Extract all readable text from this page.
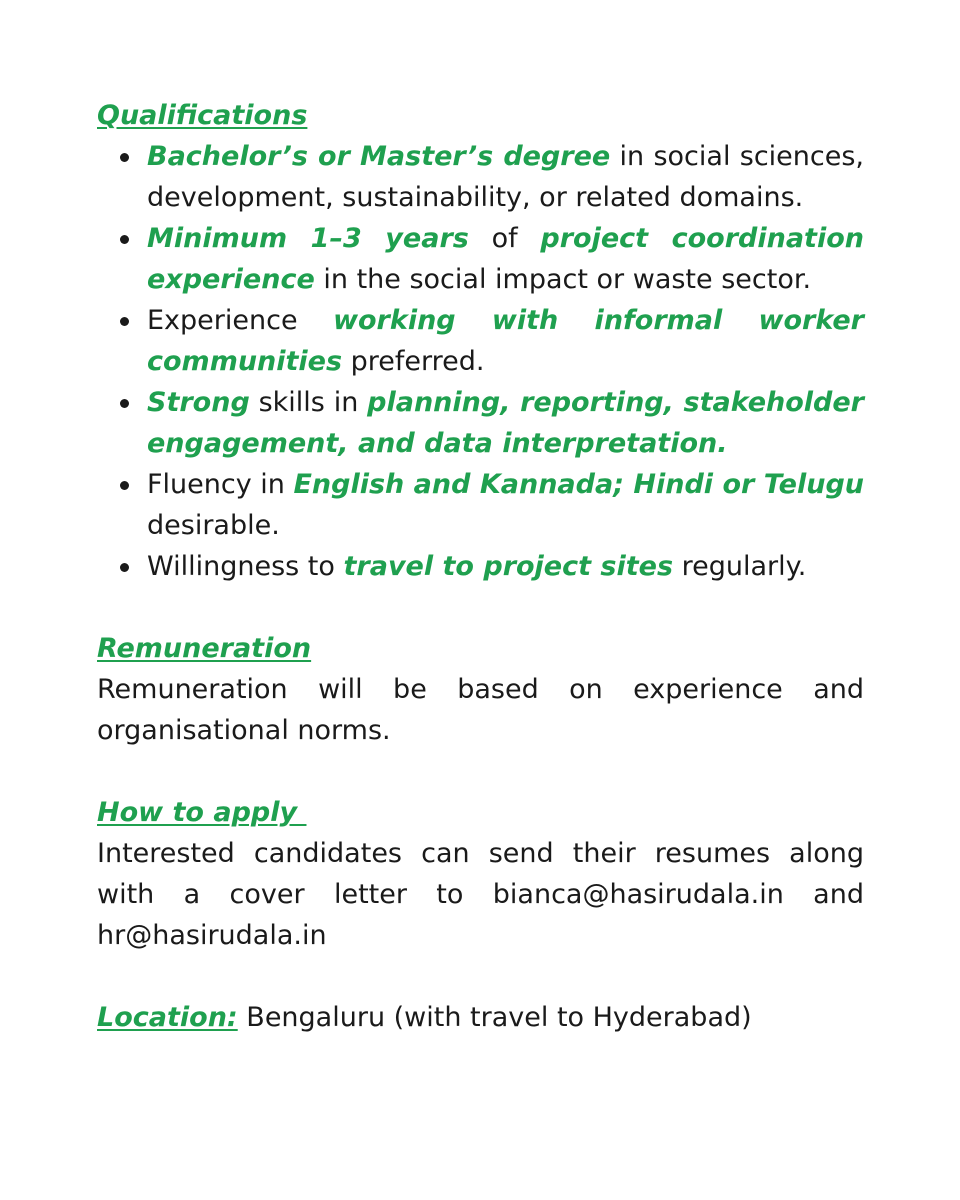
Qualifications
Bachelor’s or Master’s degree in social sciences, development, sustainability, or related domains.
Minimum 1–3 years of project coordination experience in the social impact or waste sector.
Experience working with informal worker communities preferred.
Strong skills in planning, reporting, stakeholder engagement, and data interpretation.
Fluency in English and Kannada; Hindi or Telugu desirable.
Willingness to travel to project sites regularly.
Remuneration

Remuneration will be based on experience and organisational norms.

How to apply

Interested candidates can send their resumes along with a cover letter to bianca@hasirudala.in and hr@hasirudala.in

Location: Bengaluru (with travel to Hyderabad)
